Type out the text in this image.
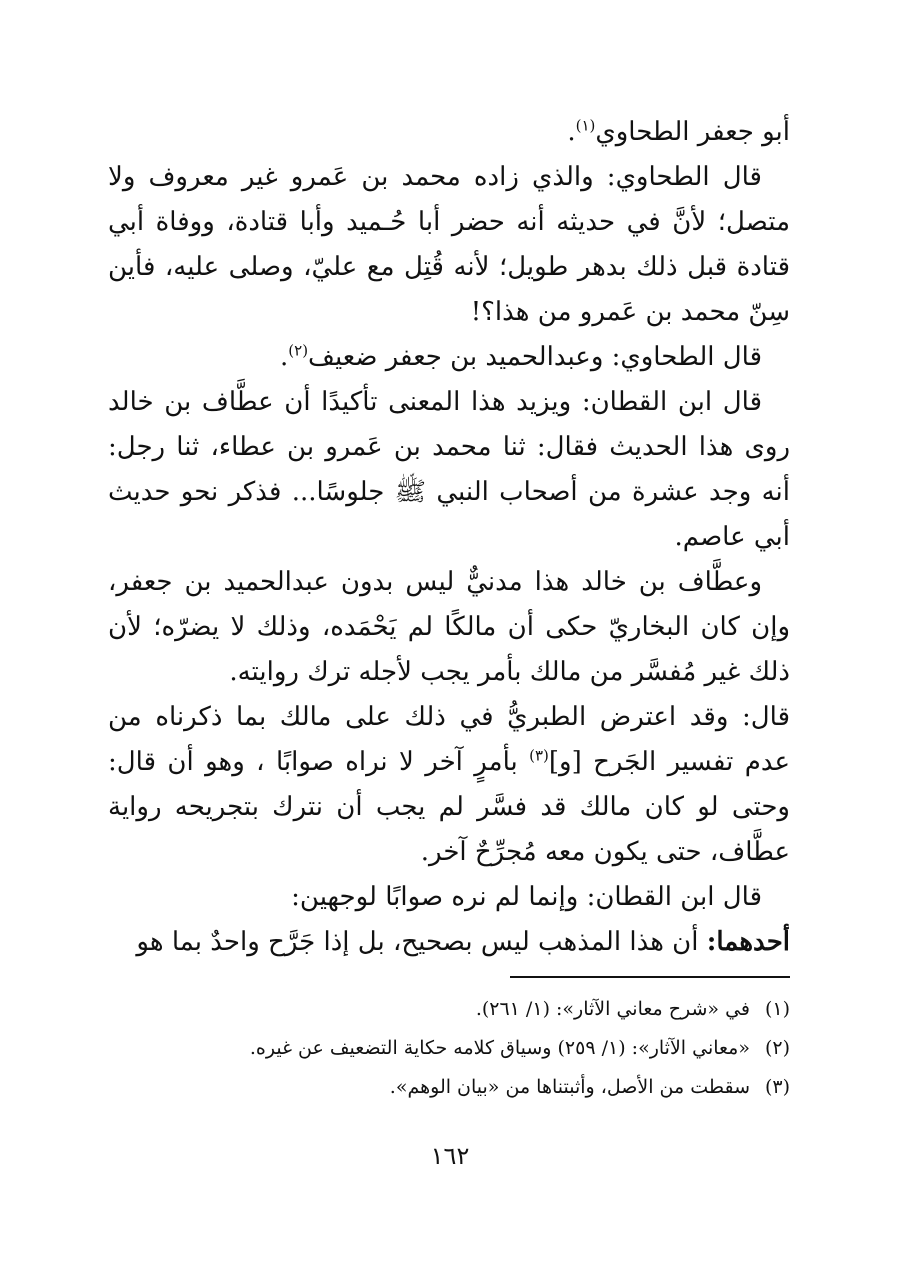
أبو جعفر الطحاوي$^{(١)}$.

قال الطحاوي: والذي زاده محمد بن عَمرو غير معروف ولا متصل؛ لأنَّ في حديثه أنه حضر أبا حُـميد وأبا قتادة، ووفاة أبي قتادة قبل ذلك بدهر طويل؛ لأنه قُتِل مع عليّ، وصلى عليه، فأين سِنّ محمد بن عَمرو من هذا؟!

قال الطحاوي: وعبدالحميد بن جعفر ضعيف$^{(٢)}$.

قال ابن القطان: ويزيد هذا المعنى تأكيدًا أن عطَّاف بن خالد روى هذا الحديث فقال: ثنا محمد بن عَمرو بن عطاء، ثنا رجل: أنه وجد عشرة من أصحاب النبي ﷺ جلوسًا... فذكر نحو حديث أبي عاصم.

وعطَّاف بن خالد هذا مدنيٌّ ليس بدون عبدالحميد بن جعفر، وإن كان البخاريّ حكى أن مالكًا لم يَحْمَده، وذلك لا يضرّه؛ لأن ذلك غير مُفسَّر من مالك بأمر يجب لأجله ترك روايته.

قال: وقد اعترض الطبريُّ في ذلك على مالك بما ذكرناه من عدم تفسير الجَرح [و]$^{(٣)}$ بأمرٍ آخر لا نراه صوابًا ، وهو أن قال: وحتى لو كان مالك قد فسَّر لم يجب أن نترك بتجريحه رواية عطَّاف، حتى يكون معه مُجرِّحٌ آخر.

قال ابن القطان: وإنما لم نره صوابًا لوجهين:

أحدهما: أن هذا المذهب ليس بصحيح، بل إذا جَرَّح واحدٌ بما هو

(١)في «شرح معاني الآثار»: (١/ ٢٦١).

(٢)«معاني الآثار»: (١/ ٢٥٩) وسياق كلامه حكاية التضعيف عن غيره.

(٣)سقطت من الأصل، وأثبتناها من «بيان الوهم».

١٦٢
